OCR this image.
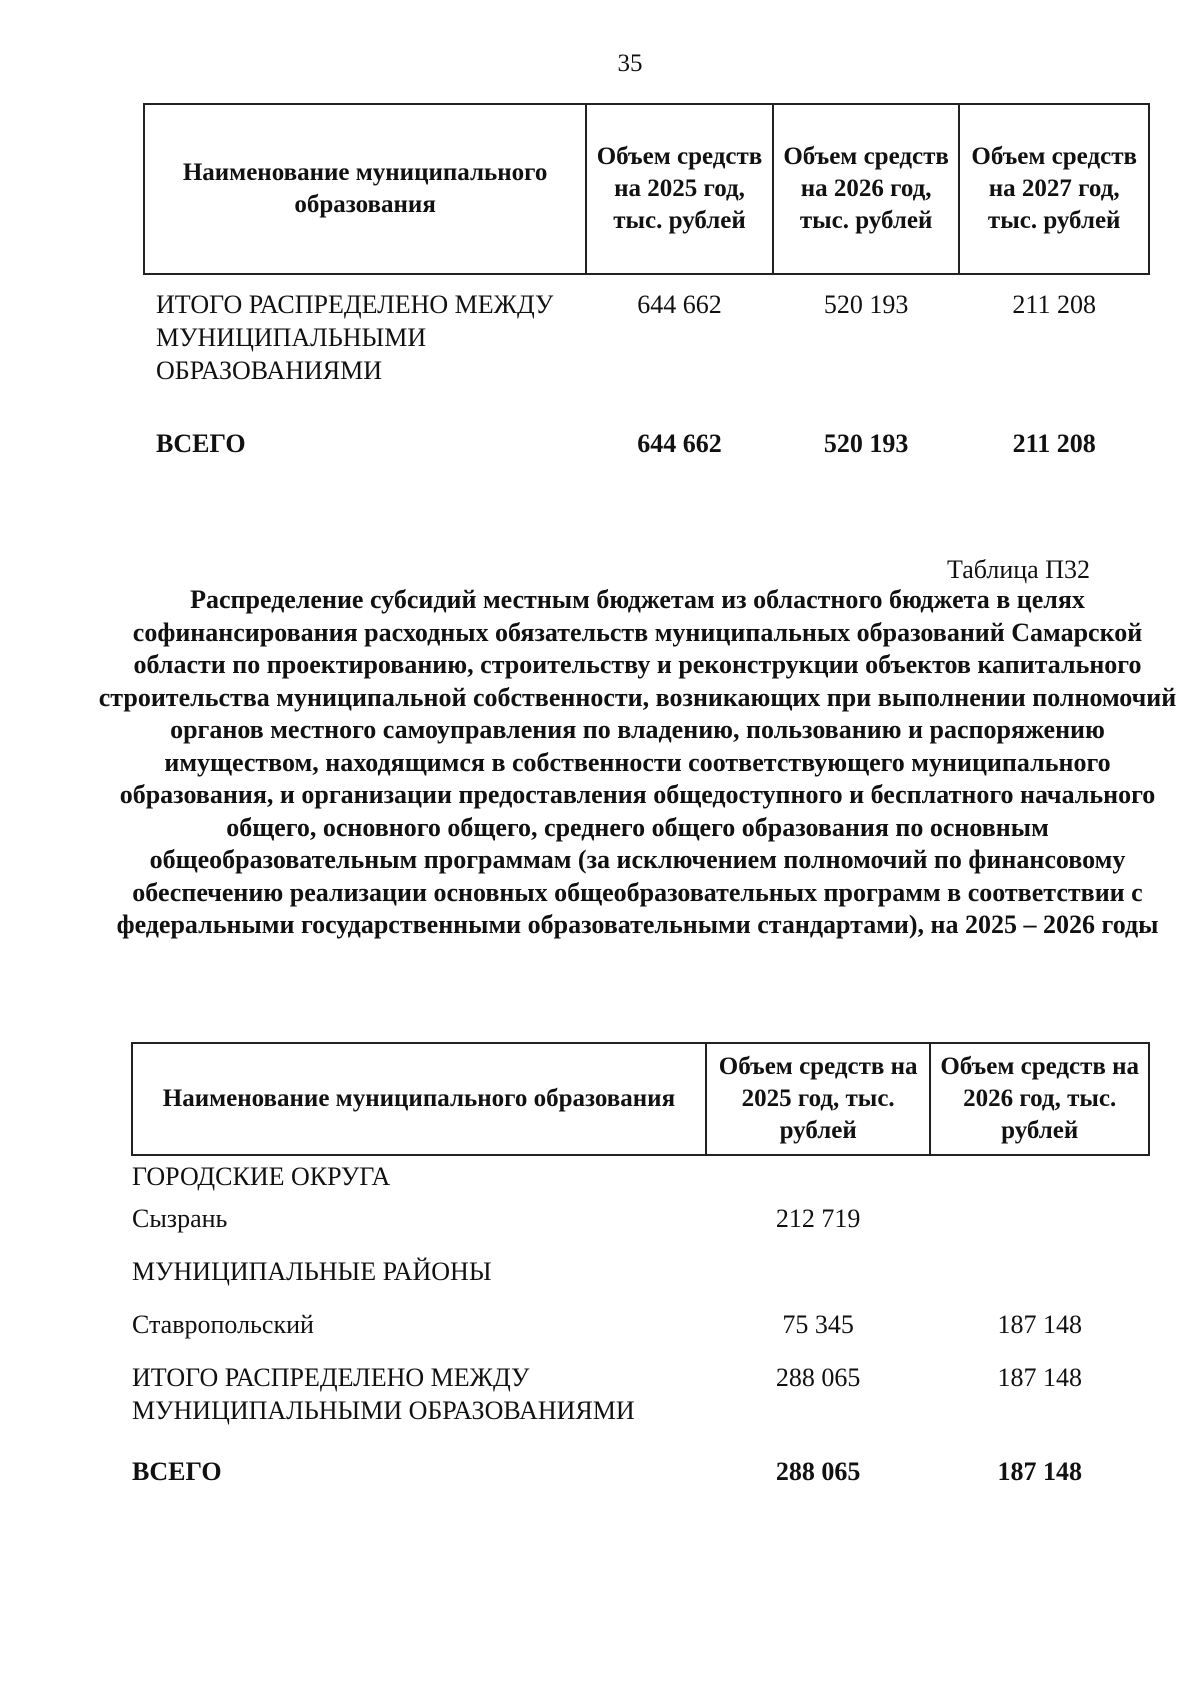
35
Наименование муниципального образования	Объем средств на 2025 год, тыс. рублей	Объем средств на 2026 год, тыс. рублей	Объем средств на 2027 год, тыс. рублей
ИТОГО РАСПРЕДЕЛЕНО МЕЖДУ МУНИЦИПАЛЬНЫМИ ОБРАЗОВАНИЯМИ	644 662	520 193	211 208
ВСЕГО	644 662	520 193	211 208
Таблица П32
Распределение субсидий местным бюджетам из областного бюджета в целях софинансирования расходных обязательств муниципальных образований Самарской области по проектированию, строительству и реконструкции объектов капитального строительства муниципальной собственности, возникающих при выполнении полномочий органов местного самоуправления по владению, пользованию и распоряжению имуществом, находящимся в собственности соответствующего муниципального образования, и организации предоставления общедоступного и бесплатного начального общего, основного общего, среднего общего образования по основным общеобразовательным программам (за исключением полномочий по финансовому обеспечению реализации основных общеобразовательных программ в соответствии с федеральными государственными образовательными стандартами), на 2025 – 2026 годы
Наименование муниципального образования	Объем средств на 2025 год, тыс. рублей	Объем средств на 2026 год, тыс. рублей
ГОРОДСКИЕ ОКРУГА		
Сызрань	212 719	
МУНИЦИПАЛЬНЫЕ РАЙОНЫ		
Ставропольский	75 345	187 148
ИТОГО РАСПРЕДЕЛЕНО МЕЖДУ МУНИЦИПАЛЬНЫМИ ОБРАЗОВАНИЯМИ	288 065	187 148
ВСЕГО	288 065	187 148
